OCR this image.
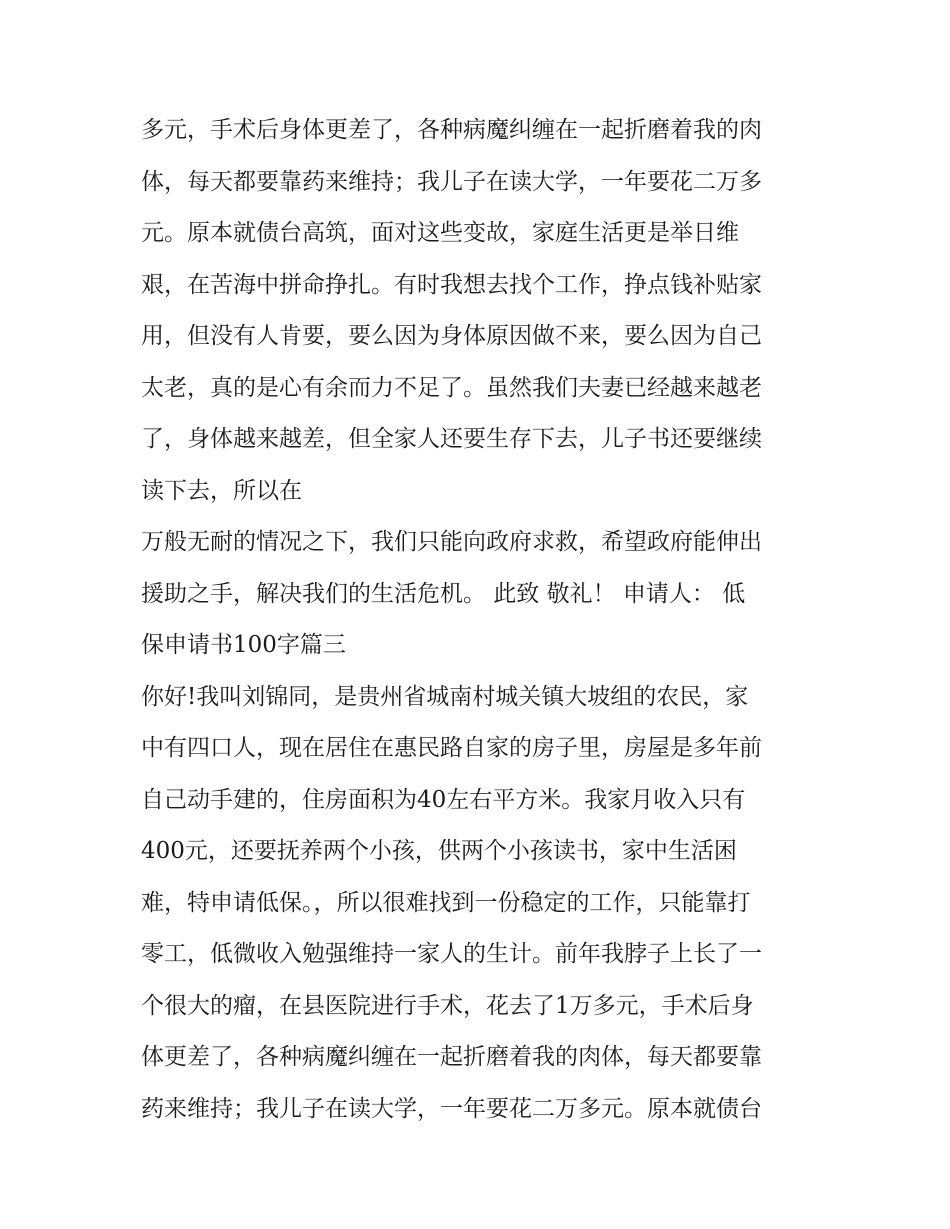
多元，手术后身体更差了，各种病魔纠缠在一起折磨着我的肉
体，每天都要靠药来维持；我儿子在读大学，一年要花二万多
元。原本就债台高筑，面对这些变故，家庭生活更是举日维
艰，在苦海中拼命挣扎。有时我想去找个工作，挣点钱补贴家
用，但没有人肯要，要么因为身体原因做不来，要么因为自己
太老，真的是心有余而力不足了。虽然我们夫妻已经越来越老
了，身体越来越差，但全家人还要生存下去，儿子书还要继续
读下去，所以在
万般无耐的情况之下，我们只能向政府求救，希望政府能伸出
援助之手，解决我们的生活危机。 此致 敬礼！ 申请人： 低
保申请书100字篇三
你好!我叫刘锦同，是贵州省城南村城关镇大坡组的农民，家
中有四口人，现在居住在惠民路自家的房子里，房屋是多年前
自己动手建的，住房面积为40左右平方米。我家月收入只有
400元，还要抚养两个小孩，供两个小孩读书，家中生活困
难，特申请低保。，所以很难找到一份稳定的工作，只能靠打
零工，低微收入勉强维持一家人的生计。前年我脖子上长了一
个很大的瘤，在县医院进行手术，花去了1万多元，手术后身
体更差了，各种病魔纠缠在一起折磨着我的肉体，每天都要靠
药来维持；我儿子在读大学，一年要花二万多元。原本就债台
